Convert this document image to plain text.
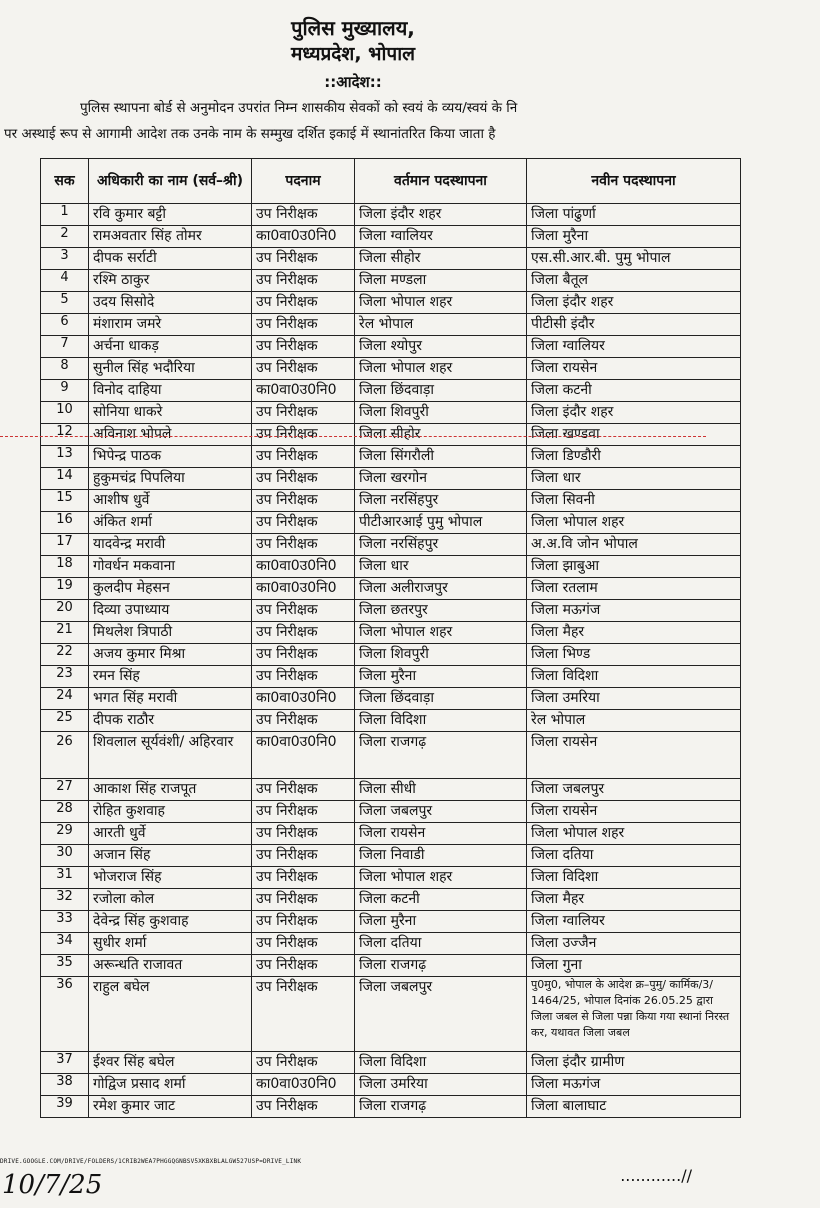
पुलिस मुख्यालय,
मध्यप्रदेश, भोपाल
::आदेश::
पुलिस स्थापना बोर्ड से अनुमोदन उपरांत निम्न शासकीय सेवकों को स्वयं के व्यय/स्वयं के नि
पर अस्थाई रूप से आगामी आदेश तक उनके नाम के सम्मुख दर्शित इकाई में स्थानांतरित किया जाता है
सक	अधिकारी का नाम (सर्व–श्री)	पदनाम	वर्तमान पदस्थापना	नवीन पदस्थापना
1	रवि कुमार बट्टी	उप निरीक्षक	जिला इंदौर शहर	जिला पांढुर्णा
2	रामअवतार सिंह तोमर	का0वा0उ0नि0	जिला ग्वालियर	जिला मुरैना
3	दीपक सर्राटी	उप निरीक्षक	जिला सीहोर	एस.सी.आर.बी. पुमु भोपाल
4	रश्मि ठाकुर	उप निरीक्षक	जिला मण्डला	जिला बैतूल
5	उदय सिसोदे	उप निरीक्षक	जिला भोपाल शहर	जिला इंदौर शहर
6	मंशाराम जमरे	उप निरीक्षक	रेल भोपाल	पीटीसी इंदौर
7	अर्चना धाकड़	उप निरीक्षक	जिला श्योपुर	जिला ग्वालियर
8	सुनील सिंह भदौरिया	उप निरीक्षक	जिला भोपाल शहर	जिला रायसेन
9	विनोद दाहिया	का0वा0उ0नि0	जिला छिंदवाड़ा	जिला कटनी
10	सोनिया धाकरे	उप निरीक्षक	जिला शिवपुरी	जिला इंदौर शहर
12	अविनाश भोपले	उप निरीक्षक	जिला सीहोर	जिला खण्डवा
13	भिपेन्द्र पाठक	उप निरीक्षक	जिला सिंगरौली	जिला डिण्डौरी
14	हुकुमचंद्र पिपलिया	उप निरीक्षक	जिला खरगोन	जिला धार
15	आशीष धुर्वे	उप निरीक्षक	जिला नरसिंहपुर	जिला सिवनी
16	अंकित शर्मा	उप निरीक्षक	पीटीआरआई पुमु भोपाल	जिला भोपाल शहर
17	यादवेन्द्र मरावी	उप निरीक्षक	जिला नरसिंहपुर	अ.अ.वि जोन भोपाल
18	गोवर्धन मकवाना	का0वा0उ0नि0	जिला धार	जिला झाबुआ
19	कुलदीप मेहसन	का0वा0उ0नि0	जिला अलीराजपुर	जिला रतलाम
20	दिव्या उपाध्याय	उप निरीक्षक	जिला छतरपुर	जिला मऊगंज
21	मिथलेश त्रिपाठी	उप निरीक्षक	जिला भोपाल शहर	जिला मैहर
22	अजय कुमार मिश्रा	उप निरीक्षक	जिला शिवपुरी	जिला भिण्ड
23	रमन सिंह	उप निरीक्षक	जिला मुरैना	जिला विदिशा
24	भगत सिंह मरावी	का0वा0उ0नि0	जिला छिंदवाड़ा	जिला उमरिया
25	दीपक राठौर	उप निरीक्षक	जिला विदिशा	रेल भोपाल
26	शिवलाल सूर्यवंशी/ अहिरवार	का0वा0उ0नि0	जिला राजगढ़	जिला रायसेन
27	आकाश सिंह राजपूत	उप निरीक्षक	जिला सीधी	जिला जबलपुर
28	रोहित कुशवाह	उप निरीक्षक	जिला जबलपुर	जिला रायसेन
29	आरती धुर्वे	उप निरीक्षक	जिला रायसेन	जिला भोपाल शहर
30	अजान सिंह	उप निरीक्षक	जिला निवाडी	जिला दतिया
31	भोजराज सिंह	उप निरीक्षक	जिला भोपाल शहर	जिला विदिशा
32	रजोला कोल	उप निरीक्षक	जिला कटनी	जिला मैहर
33	देवेन्द्र सिंह कुशवाह	उप निरीक्षक	जिला मुरैना	जिला ग्वालियर
34	सुधीर शर्मा	उप निरीक्षक	जिला दतिया	जिला उज्जैन
35	अरून्धति राजावत	उप निरीक्षक	जिला राजगढ़	जिला गुना
36	राहुल बघेल	उप निरीक्षक	जिला जबलपुर	पु0मु0, भोपाल के आदेश क्र–पुमु/ कार्मिक/3/ 1464/25, भोपाल दिनांक 26.05.25 द्वारा जिला जबल से जिला पन्ना किया गया स्थानां निरस्त कर, यथावत जिला जबल
37	ईश्वर सिंह बघेल	उप निरीक्षक	जिला विदिशा	जिला इंदौर ग्रामीण
38	गोद्विज प्रसाद शर्मा	का0वा0उ0नि0	जिला उमरिया	जिला मऊगंज
39	रमेश कुमार जाट	उप निरीक्षक	जिला राजगढ़	जिला बालाघाट
DRIVE.GOOGLE.COM/DRIVE/FOLDERS/1CRIB2WEA7PHGGQGNBSV5XKBXBLALGW527USP=DRIVE_LINK
10/7/25	............//
